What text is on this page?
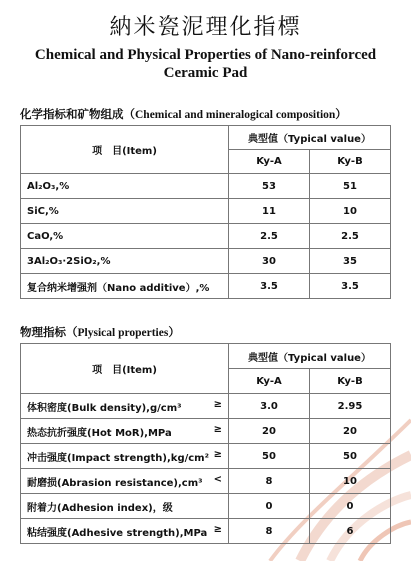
納米瓷泥理化指標
Chemical and Physical Properties of Nano-reinforced Ceramic Pad
化学指标和矿物组成（Chemical and mineralogical composition）
项　目(Item)	典型值（Typical value）	
	Ky-A	Ky-B
Al₂O₃,%	53	51
SiC,%	11	10
CaO,%	2.5	2.5
3Al₂O₃·2SiO₂,%	30	35
复合纳米增强剂（Nano additive）,%	3.5	3.5
物理指标（Plysical properties）
项　目(Item)	典型值（Typical value）	
	Ky-A	Ky-B
体积密度(Bulk density),g/cm³ ≥	3.0	2.95
热态抗折强度(Hot MoR),MPa ≥	20	20
冲击强度(Impact strength),kg/cm² ≥	50	50
耐磨损(Abrasion resistance),cm³ <	8	10
附着力(Adhesion index)，级	0	0
粘结强度(Adhesive strength),MPa ≥	8	6
